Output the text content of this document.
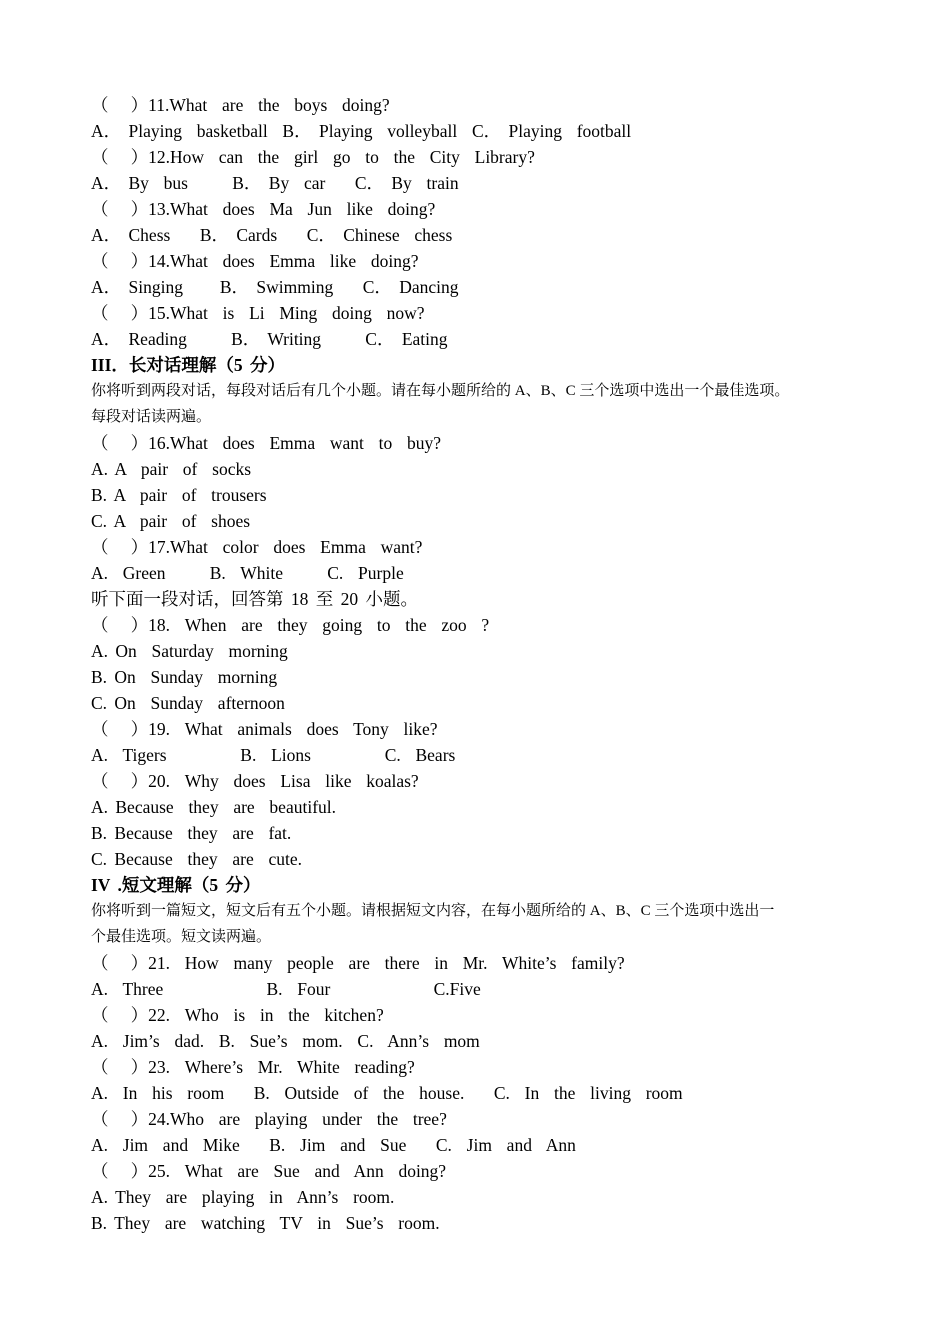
（   ）11.What  are  the  boys  doing?
A． Playing  basketball  B． Playing  volleyball  C． Playing  football
（   ）12.How  can  the  girl  go  to  the  City  Library?
A． By  bus      B． By  car    C． By  train
（   ）13.What  does  Ma  Jun  like  doing?
A． Chess    B． Cards    C． Chinese  chess
（   ）14.What  does  Emma  like  doing?
A． Singing     B． Swimming    C． Dancing
（   ）15.What  is  Li  Ming  doing  now?
A． Reading      B． Writing      C． Eating
III．长对话理解（5 分）
你将听到两段对话，每段对话后有几个小题。请在每小题所给的 A、B、C 三个选项中选出一个最佳选项。
每段对话读两遍。
（   ）16.What  does  Emma  want  to  buy?
A. A  pair  of  socks
B. A  pair  of  trousers
C. A  pair  of  shoes
（   ）17.What  color  does  Emma  want?
A.  Green      B.  White      C.  Purple
听下面一段对话，回答第 18 至 20 小题。
（   ）18.  When  are  they  going  to  the  zoo  ?
A. On  Saturday  morning
B. On  Sunday  morning
C. On  Sunday  afternoon
（   ）19.  What  animals  does  Tony  like?
A.  Tigers          B.  Lions          C.  Bears
（   ）20.  Why  does  Lisa  like  koalas?
A. Because  they  are  beautiful.
B. Because  they  are  fat.
C. Because  they  are  cute.
IV .短文理解（5 分）
你将听到一篇短文，短文后有五个小题。请根据短文内容，在每小题所给的 A、B、C 三个选项中选出一
个最佳选项。短文读两遍。
（   ）21.  How  many  people  are  there  in  Mr.  White’s  family?
A.  Three              B.  Four              C.Five
（   ）22.  Who  is  in  the  kitchen?
A.  Jim’s  dad.  B.  Sue’s  mom.  C.  Ann’s  mom
（   ）23.  Where’s  Mr.  White  reading?
A.  In  his  room    B.  Outside  of  the  house.    C.  In  the  living  room
（   ）24.Who  are  playing  under  the  tree?
A.  Jim  and  Mike    B.  Jim  and  Sue    C.  Jim  and  Ann
（   ）25.  What  are  Sue  and  Ann  doing?
A. They  are  playing  in  Ann’s  room.
B. They  are  watching  TV  in  Sue’s  room.
